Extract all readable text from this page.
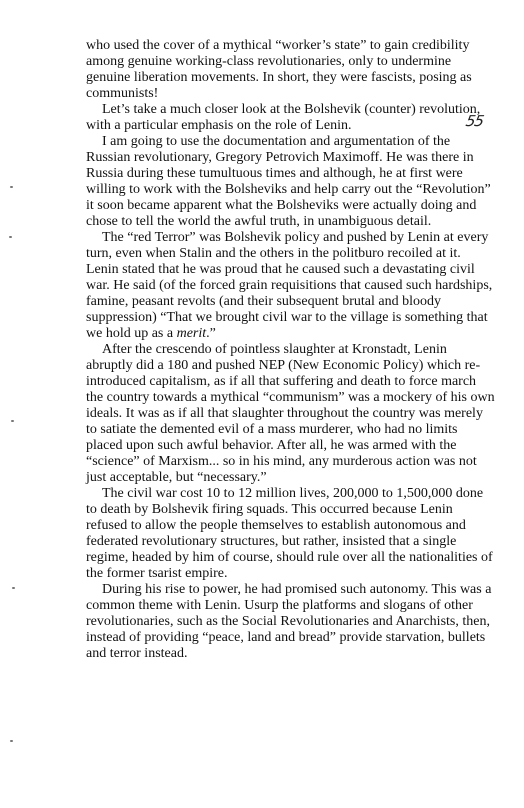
who used the cover of a mythical “worker’s state” to gain credibility among genuine working-class revolutionaries, only to undermine genuine liberation movements. In short, they were fascists, posing as communists!

Let’s take a much closer look at the Bolshevik (counter) revolution, with a particular emphasis on the role of Lenin.

I am going to use the documentation and argumentation of the Russian revolutionary, Gregory Petrovich Maximoff. He was there in Russia during these tumultuous times and although, he at first were willing to work with the Bolsheviks and help carry out the “Revolution” it soon became apparent what the Bolsheviks were actually doing and chose to tell the world the awful truth, in unambiguous detail.

The “red Terror” was Bolshevik policy and pushed by Lenin at every turn, even when Stalin and the others in the politburo recoiled at it. Lenin stated that he was proud that he caused such a devastating civil war. He said (of the forced grain requisitions that caused such hardships, famine, peasant revolts (and their subsequent brutal and bloody suppression) “That we brought civil war to the village is something that we hold up as a merit.”

After the crescendo of pointless slaughter at Kronstadt, Lenin abruptly did a 180 and pushed NEP (New Economic Policy) which re-introduced capitalism, as if all that suffering and death to force march the country towards a mythical “communism” was a mockery of his own ideals. It was as if all that slaughter throughout the country was merely to satiate the demented evil of a mass murderer, who had no limits placed upon such awful behavior. After all, he was armed with the “science” of Marxism... so in his mind, any murderous action was not just acceptable, but “necessary.”

The civil war cost 10 to 12 million lives, 200,000 to 1,500,000 done to death by Bolshevik firing squads. This occurred because Lenin refused to allow the people themselves to establish autonomous and federated revolutionary structures, but rather, insisted that a single regime, headed by him of course, should rule over all the nationalities of the former tsarist empire.

During his rise to power, he had promised such autonomy. This was a common theme with Lenin. Usurp the platforms and slogans of other revolutionaries, such as the Social Revolutionaries and Anarchists, then, instead of providing “peace, land and bread” provide starvation, bullets and terror instead.

55
